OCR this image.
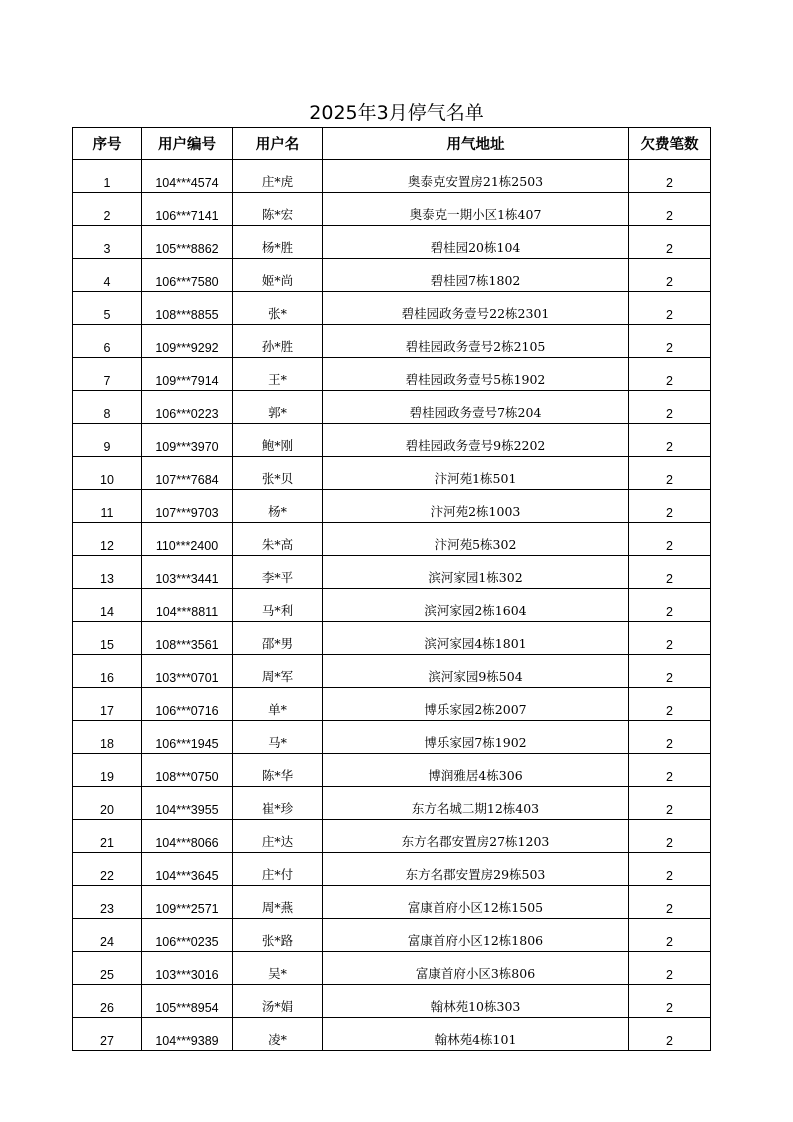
2025年3月停气名单
序号	用户编号	用户名	用气地址	欠费笔数
1	104***4574	庄*虎	奥泰克安置房21栋2503	2
2	106***7141	陈*宏	奥泰克一期小区1栋407	2
3	105***8862	杨*胜	碧桂园20栋104	2
4	106***7580	姬*尚	碧桂园7栋1802	2
5	108***8855	张*	碧桂园政务壹号22栋2301	2
6	109***9292	孙*胜	碧桂园政务壹号2栋2105	2
7	109***7914	王*	碧桂园政务壹号5栋1902	2
8	106***0223	郭*	碧桂园政务壹号7栋204	2
9	109***3970	鲍*刚	碧桂园政务壹号9栋2202	2
10	107***7684	张*贝	汴河苑1栋501	2
11	107***9703	杨*	汴河苑2栋1003	2
12	110***2400	朱*高	汴河苑5栋302	2
13	103***3441	李*平	滨河家园1栋302	2
14	104***8811	马*利	滨河家园2栋1604	2
15	108***3561	邵*男	滨河家园4栋1801	2
16	103***0701	周*军	滨河家园9栋504	2
17	106***0716	单*	博乐家园2栋2007	2
18	106***1945	马*	博乐家园7栋1902	2
19	108***0750	陈*华	博润雅居4栋306	2
20	104***3955	崔*珍	东方名城二期12栋403	2
21	104***8066	庄*达	东方名郡安置房27栋1203	2
22	104***3645	庄*付	东方名郡安置房29栋503	2
23	109***2571	周*燕	富康首府小区12栋1505	2
24	106***0235	张*路	富康首府小区12栋1806	2
25	103***3016	吴*	富康首府小区3栋806	2
26	105***8954	汤*娟	翰林苑10栋303	2
27	104***9389	凌*	翰林苑4栋101	2
